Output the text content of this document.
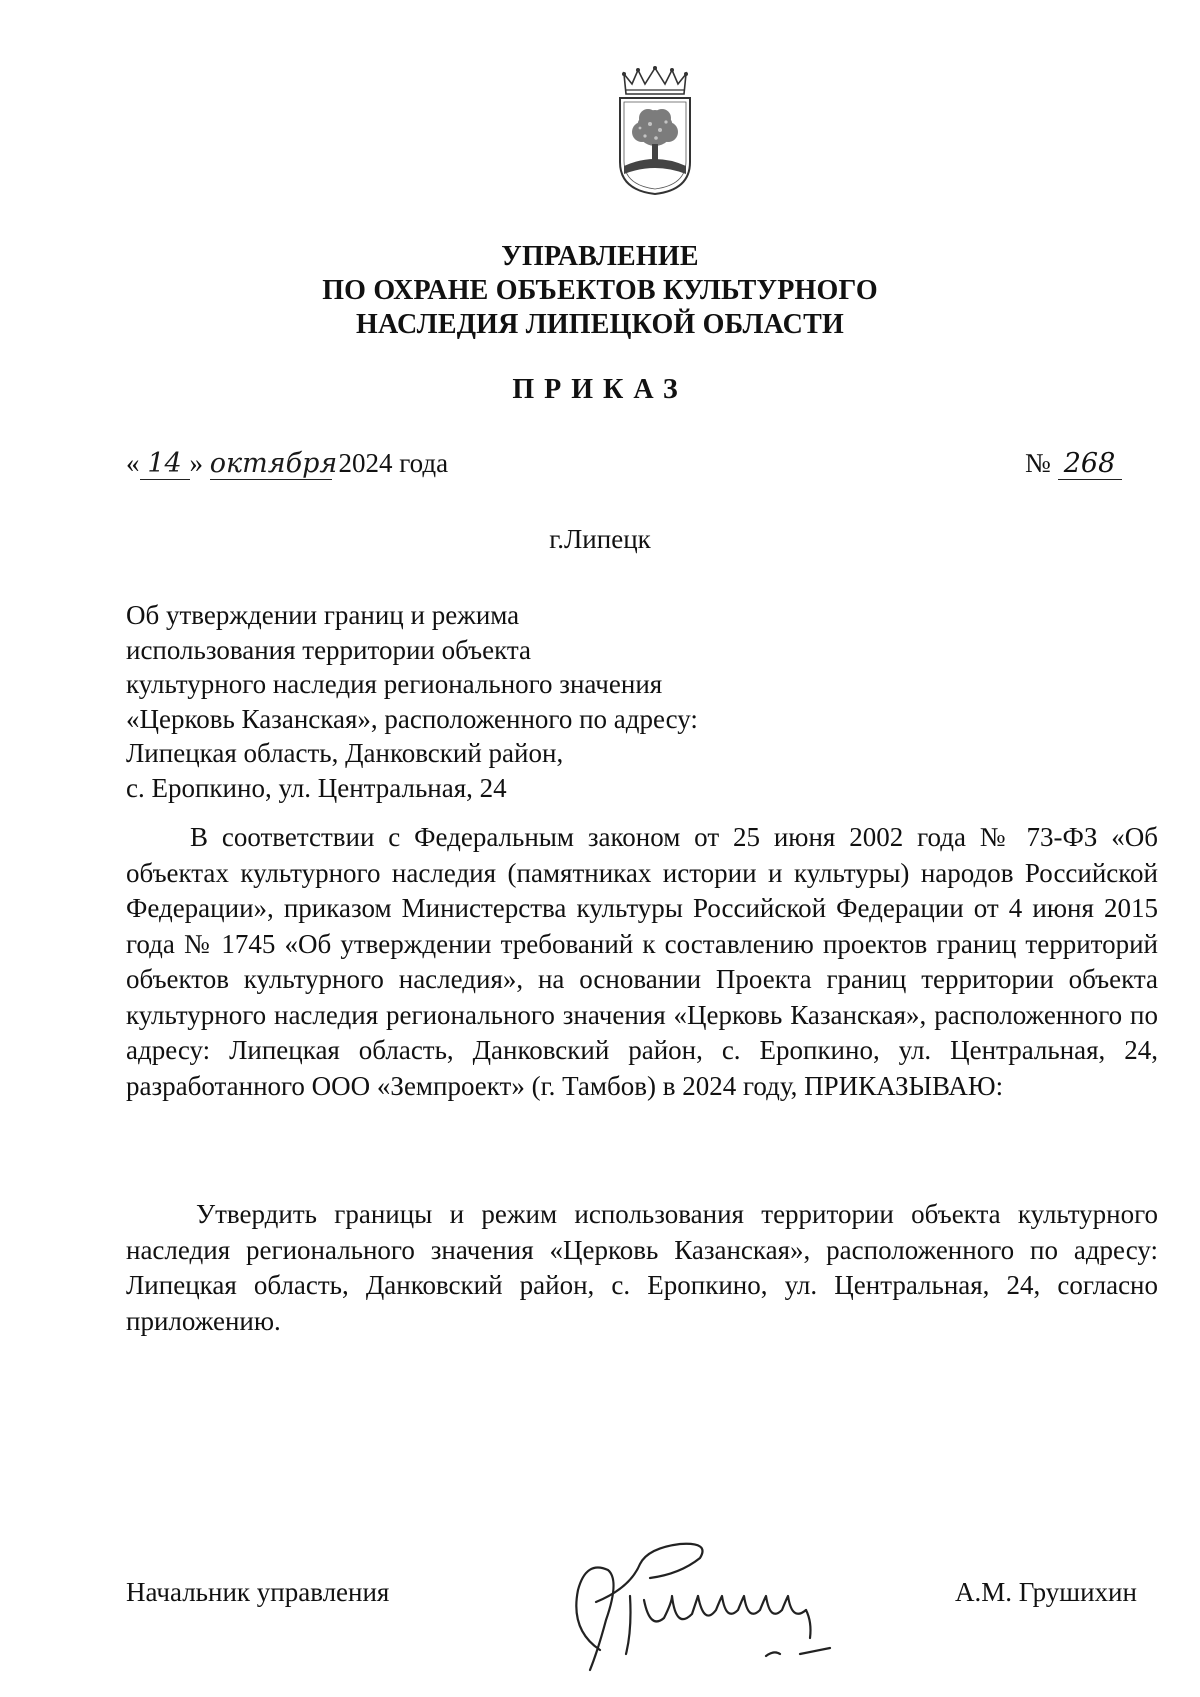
УПРАВЛЕНИЕ
ПО ОХРАНЕ ОБЪЕКТОВ КУЛЬТУРНОГО
НАСЛЕДИЯ ЛИПЕЦКОЙ ОБЛАСТИ
ПРИКАЗ
« 14 » октября 2024 года	№ 268
г.Липецк
Об утверждении границ и режима
использования территории объекта
культурного наследия регионального значения
«Церковь Казанская», расположенного по адресу:
Липецкая область, Данковский район,
с. Еропкино, ул. Центральная, 24
В соответствии с Федеральным законом от 25 июня 2002 года № 73-ФЗ «Об объектах культурного наследия (памятниках истории и культуры) народов Российской Федерации», приказом Министерства культуры Российской Федерации от 4 июня 2015 года № 1745 «Об утверждении требований к составлению проектов границ территорий объектов культурного наследия», на основании Проекта границ территории объекта культурного наследия регионального значения «Церковь Казанская», расположенного по адресу: Липецкая область, Данковский район, с. Еропкино, ул. Центральная, 24, разработанного ООО «Земпроект» (г. Тамбов) в 2024 году, ПРИКАЗЫВАЮ:
Утвердить границы и режим использования территории объекта культурного наследия регионального значения «Церковь Казанская», расположенного по адресу: Липецкая область, Данковский район, с. Еропкино, ул. Центральная, 24, согласно приложению.
Начальник управления	А.М. Грушихин
